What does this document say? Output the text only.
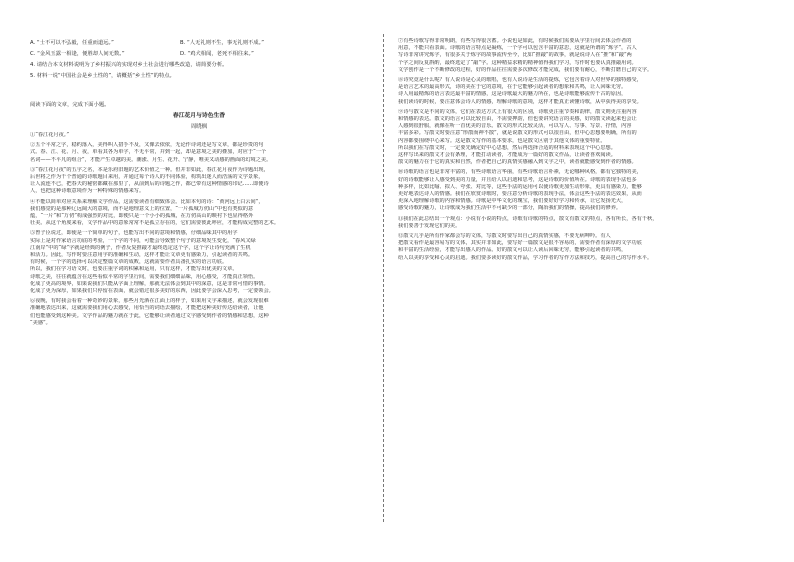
A. “士不可以不弘毅，任重而道远。”	B. “人无礼则不生，事无礼则不成。”
C. “金风玉露一相逢，便胜却人间无数。”	D. “鸡犬相闻，老死不相往来。”
4. 请结合本文材料说明为了乡村振兴的实现对乡土社会进行哪些改造，请简要分析。
5. 材料一说“中国社会是乡土性的”，请概括“乡土性”的特点。
阅读下面的文章，完成下面小题。
春江花月与诗色生香
周晓枫
①“春江花月夜。”
②五个平常之字，稳约落入，美得叫人措手不及，又像去依依，无论作诗词还是写文章，都是珍贵的句
式。春、江、花、月、夜，单看其各为单字，不无平常，并到一起，却是意境之美的叠加，对应于“一个
名词——不平凡的组合”，才能产生卓越的美。潮涨、月生、花开、宁静，唯美又动感的画面的幻境之美。
③“春江花月夜”的五字之名，本是乐府旧题的艺术价值之一种。但并非如此，春江花月夜作为诗题出现，
后世将之作为干个普通的诗歌题目来用，并通过每个诗人的不同体验，构筑出迷人而浩荡的文学景象，
让人流连不已，把春天的秘密都藏在那里了，从前到后的诗题之作，都已带有这种情感的印记……即便诗
人，也把这种诗歌意境作为一种特殊的情感来写。
④不能以简单对应关系来理解文学作品，这需要读者有细致体会。比如本句的诗：“黄河远上白云间”，
我们感觉的是那种辽远阔大的意境，而不是地理意义上的位置，“一片孤城万仞山”中也有类似的意
蕴，“一片”和“万仞”构成强烈的对比，即便只是一个小小的孤城，在万仞高山的映衬下也显得格外
壮美。从这个角度来看，文学作品中的意象常常不是孤立存在的，它们需要彼此呼应，才能构成完整的艺术。
⑤曾子臣说过，即使是一个简单的句子，也能写出不同的意境和情感，仔细品味其中的用字
实际上是对作家语言功底的考验，一个字的不同，可能会导致整个句子的意境发生变化，“春风又绿
江南岸”中的“绿”字就是经典的例子，作者反复推敲才最终选定这个字，这个字让诗句充满了生机
和活力。因此，写作时要注意用字的准确和生动，这样才能让文章更有感染力，引起读者的共鸣。
有时候，一个字的选择可以决定整篇文章的成败，这就需要作者具备扎实的语言功底。
所以，我们在学习语文时，也要注重字词的积累和运用，只有这样，才能写出优美的文章。
诗歌之美，往往就蕴含在这些看似平常的字里行间，需要我们细细品味，用心感受，才能真正领悟。
化成了更高的境界，如果说我们只能从字面上理解，那就无法体会到其中的深意，这是非常可惜的事情。
化成了更为深厚，如果我们只停留在表面，就会错过很多美好的东西，因此要学会深入思考，一定要领会。
⑥夜晚，有时我会看着一种奇妙的景象，那些月光洒在江面上的样子，如果用文字来描述，就会发现很难
准确地表达出来，这就需要我们用心去感受，用恰当的词语去描绘，才能把这种美好传达给读者，让他
们也能感受到这种美。文学作品的魅力就在于此，它能够让读者通过文字感受到作者的情感和思想，这种
“美感”。
⑦有些诗歌写得非常明朗，有些写得很含蓄。小说也是如此，有时候我们需要从字里行间去体会作者的
用意，不能只看表面。诗歌的语言特点是凝练，一个字可以包含丰富的意思，这就是所谓的“炼字”，古人
写诗非常讲究炼字，有很多关于炼字的故事流传至今，比如“推敲”的故事，就是说诗人在“推”和“敲”两
个字之间反复斟酌，最终选定了“敲”字。这种精益求精的精神值得我们学习，写作时也要认真推敲用词。
文学创作是一个不断修改的过程，好的作品往往需要多次修改才能完成，我们要有耐心，不断打磨自己的文字。
⑧诗究竟是什么呢？有人说诗是心灵的歌唱，也有人说诗是生活的提炼，它包含着诗人对世界的独特感受，
是语言艺术的最高形式，诗的美在于它的意境，在于它能够引起读者的想象和共鸣，让人回味无穷。
诗人用最精炼的语言表达最丰富的情感，这是诗歌最大的魅力所在，也是诗歌能够流传千古的原因，
我们读诗的时候，要注意体会诗人的情感，理解诗歌的意境，这样才能真正读懂诗歌，从中获得美的享受。
⑨诗与散文是不同的文体，它们在表达方式上有很大的区别，诗歌更注重节奏和韵律，散文则更注重内容
和情感的表达。散文的语言可以比较自由，不需要押韵，但也要讲究语言的美感，好的散文读起来也会让
人感到很舒服，就像在听一首优美的音乐。散文的形式比较灵活，可以写人、写事、写景、抒情，内容
丰富多彩。写散文时要注意“形散而神不散”，就是说散文的形式可以很自由，但中心思想要明确，所有的
内容都要围绕中心来写。这是散文写作的基本要求，也是散文区别于其他文体的重要特征。
所以我们在写散文时，一定要先确定好中心思想，然后再选择合适的材料来表现这个中心思想。
这样写出来的散文才会有条理，才能打动读者，才能成为一篇好的散文作品，让读者喜欢阅读。
散文的魅力在于它的真实和自然，作者把自己的真情实感融入到文字之中，读者就能感受到作者的情感。
⑩诗歌的语言也是非常丰富的，有些诗歌语言华丽，有些诗歌语言朴素，无论哪种风格，都有它独特的美，
好的诗歌能够让人感受到美的力量，并且给人以启迪和思考，这是诗歌的价值所在。诗歌的表现手法也多
种多样，比如比喻、拟人、夸张、对比等，这些手法的运用可以使诗歌更加生动形象，更具有感染力，能够
更好地表达诗人的情感。我们在欣赏诗歌时，要注意分析诗歌的表现手法，体会这些手法的表达效果，从而
更深入地理解诗歌的内容和情感。诗歌是中华文化的瑰宝，我们要好好学习和传承，让它发扬光大，
感受诗歌的魅力，让诗歌成为我们生活中不可缺少的一部分，陶冶我们的情操，提高我们的修养。
⑪我们在此总结出一个观点：小说有小说的特点，诗歌有诗歌的特点，散文有散文的特点，各有所长，各有千秋，
我们要善于发现它们的美。
⑫散文几乎是所有作家都会写的文体，写散文时要写出自己的真情实感，不要无病呻吟。有人
把散文看作是最容易写的文体，其实并非如此，要写好一篇散文是很不容易的，需要作者有深厚的文学功底
和丰富的生活经验，才能写出感人的作品。好的散文可以让人读后回味无穷，能够引起读者的共鸣，
给人以美的享受和心灵的启迪。我们要多读好的散文作品，学习作者的写作方法和技巧，提高自己的写作水平。
